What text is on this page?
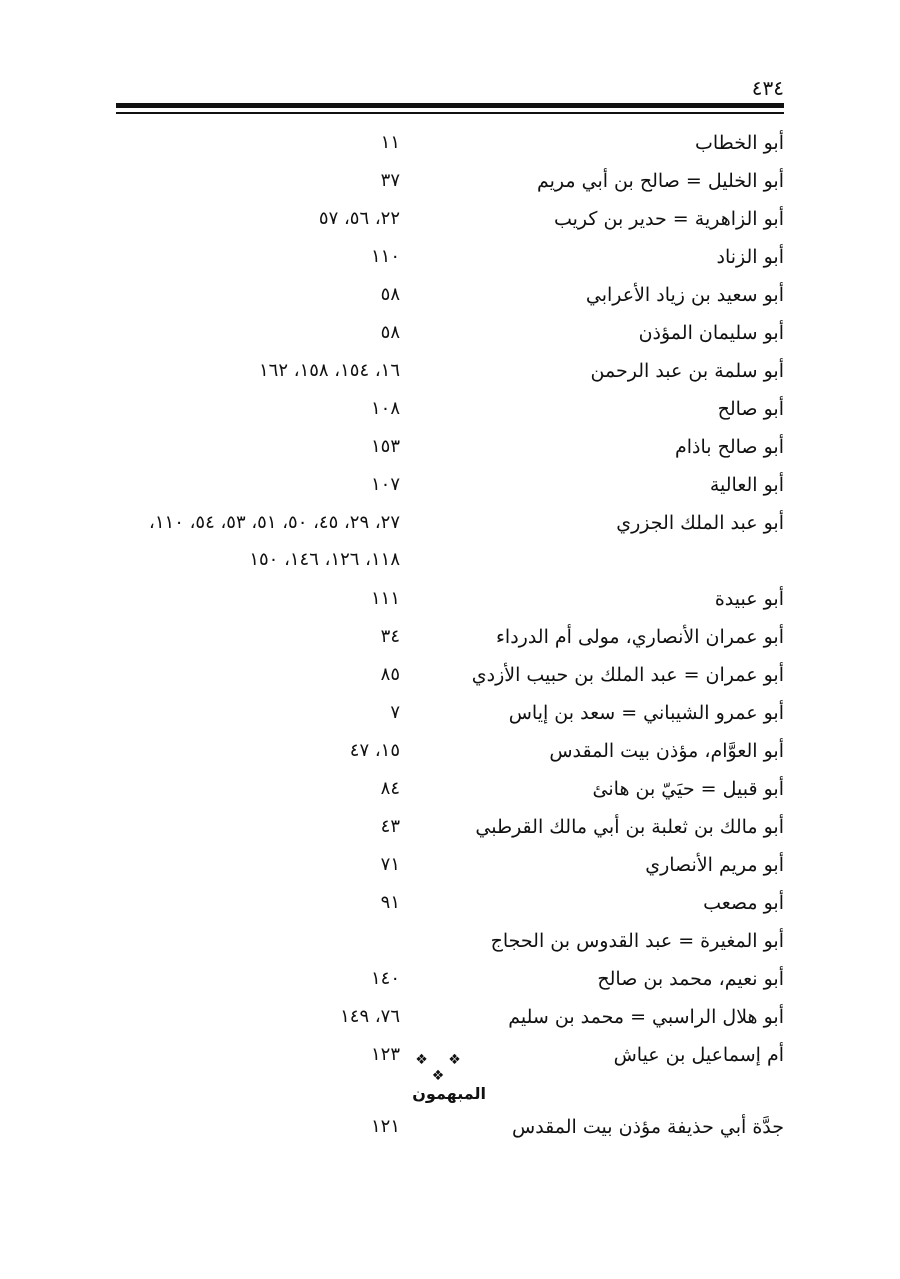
٤٣٤
أبو الخطاب
١١
أبو الخليل = صالح بن أبي مريم
٣٧
أبو الزاهرية = حدير بن كريب
٢٢، ٥٦، ٥٧
أبو الزناد
١١٠
أبو سعيد بن زياد الأعرابي
٥٨
أبو سليمان المؤذن
٥٨
أبو سلمة بن عبد الرحمن
١٦، ١٥٤، ١٥٨، ١٦٢
أبو صالح
١٠٨
أبو صالح باذام
١٥٣
أبو العالية
١٠٧
أبو عبد الملك الجزري
٢٧، ٢٩، ٤٥، ٥٠، ٥١، ٥٣، ٥٤، ١١٠، ١١٨، ١٢٦، ١٤٦، ١٥٠
أبو عبيدة
١١١
أبو عمران الأنصاري، مولى أم الدرداء
٣٤
أبو عمران = عبد الملك بن حبيب الأزدي
٨٥
أبو عمرو الشيباني = سعد بن إياس
٧
أبو العوَّام، مؤذن بيت المقدس
١٥، ٤٧
أبو قبيل = حيَيّ بن هانئ
٨٤
أبو مالك بن ثعلبة بن أبي مالك القرطبي
٤٣
أبو مريم الأنصاري
٧١
أبو مصعب
٩١
أبو المغيرة = عبد القدوس بن الحجاج
أبو نعيم، محمد بن صالح
١٤٠
أبو هلال الراسبي = محمد بن سليم
٧٦، ١٤٩
أم إسماعيل بن عياش
١٢٣ ❖ ❖ ❖
المبهمون
جدَّة أبي حذيفة مؤذن بيت المقدس
١٢١
